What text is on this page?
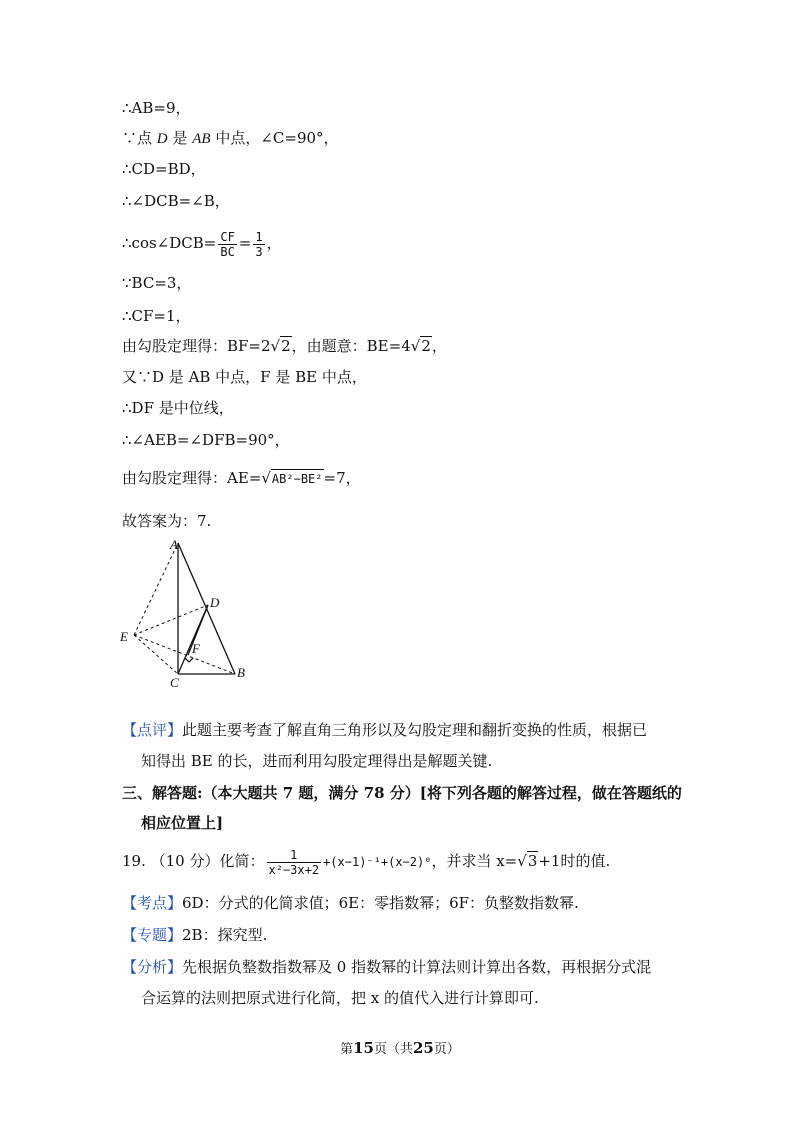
∴AB=9，
∵点 D 是 AB 中点，∠C=90°，
∴CD=BD，
∴∠DCB=∠B，
∴cos∠DCB= $\frac{CF}{BC} = \frac{1}{3}$ ，
∵BC=3，
∴CF=1，
由勾股定理得：BF=2√2，由题意：BE=4√2，
又∵D 是 AB 中点，F 是 BE 中点，
∴DF 是中位线，
∴∠AEB=∠DFB=90°，
由勾股定理得：AE=√AB²−BE²=7，
故答案为：7.
A
D
E
F
C
B
【点评】此题主要考查了解直角三角形以及勾股定理和翻折变换的性质，根据已
知得出 BE 的长，进而利用勾股定理得出是解题关键.
三、解答题:（本大题共 7 题，满分 78 分）[将下列各题的解答过程，做在答题纸的
相应位置上]
19. （10 分）化简： $\frac{1}{\text{x²−3x+2}} +(x-1)^{-1}+(x-2)^0$，并求当 x=√3+1时的值.
【考点】6D：分式的化简求值；6E：零指数幂；6F：负整数指数幂.
【专题】2B：探究型.
【分析】先根据负整数指数幂及 0 指数幂的计算法则计算出各数，再根据分式混
合运算的法则把原式进行化简，把 x 的值代入进行计算即可.
第15页（共25页）
